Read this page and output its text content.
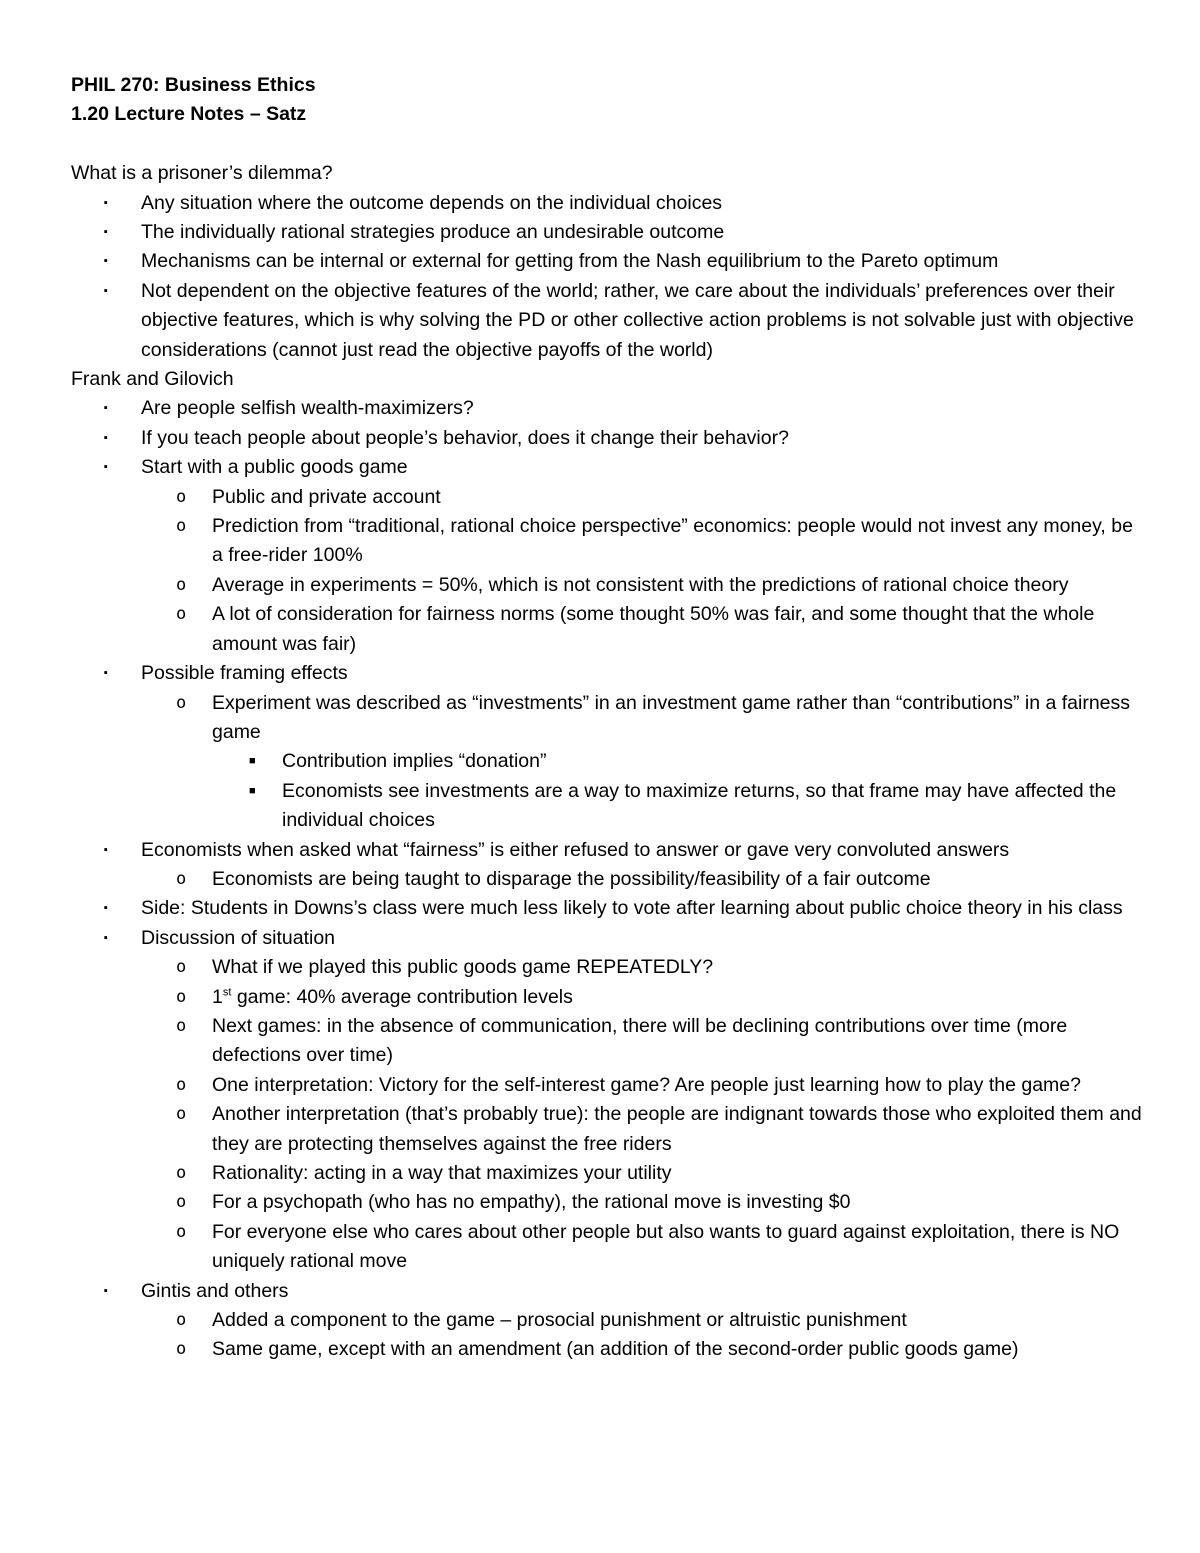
PHIL 270: Business Ethics
1.20 Lecture Notes – Satz
What is a prisoner’s dilemma?
· Any situation where the outcome depends on the individual choices
· The individually rational strategies produce an undesirable outcome
· Mechanisms can be internal or external for getting from the Nash equilibrium to the Pareto optimum
· Not dependent on the objective features of the world; rather, we care about the individuals’ preferences over their objective features, which is why solving the PD or other collective action problems is not solvable just with objective considerations (cannot just read the objective payoffs of the world)
Frank and Gilovich
· Are people selfish wealth-maximizers?
· If you teach people about people’s behavior, does it change their behavior?
· Start with a public goods game
o Public and private account
o Prediction from “traditional, rational choice perspective” economics: people would not invest any money, be a free-rider 100%
o Average in experiments = 50%, which is not consistent with the predictions of rational choice theory
o A lot of consideration for fairness norms (some thought 50% was fair, and some thought that the whole amount was fair)
· Possible framing effects
o Experiment was described as “investments” in an investment game rather than “contributions” in a fairness game
■ Contribution implies “donation”
■ Economists see investments are a way to maximize returns, so that frame may have affected the individual choices
· Economists when asked what “fairness” is either refused to answer or gave very convoluted answers
o Economists are being taught to disparage the possibility/feasibility of a fair outcome
· Side: Students in Downs’s class were much less likely to vote after learning about public choice theory in his class
· Discussion of situation
o What if we played this public goods game REPEATEDLY?
o 1st game: 40% average contribution levels
o Next games: in the absence of communication, there will be declining contributions over time (more defections over time)
o One interpretation: Victory for the self-interest game? Are people just learning how to play the game?
o Another interpretation (that’s probably true): the people are indignant towards those who exploited them and they are protecting themselves against the free riders
o Rationality: acting in a way that maximizes your utility
o For a psychopath (who has no empathy), the rational move is investing $0
o For everyone else who cares about other people but also wants to guard against exploitation, there is NO uniquely rational move
· Gintis and others
o Added a component to the game – prosocial punishment or altruistic punishment
o Same game, except with an amendment (an addition of the second-order public goods game)
